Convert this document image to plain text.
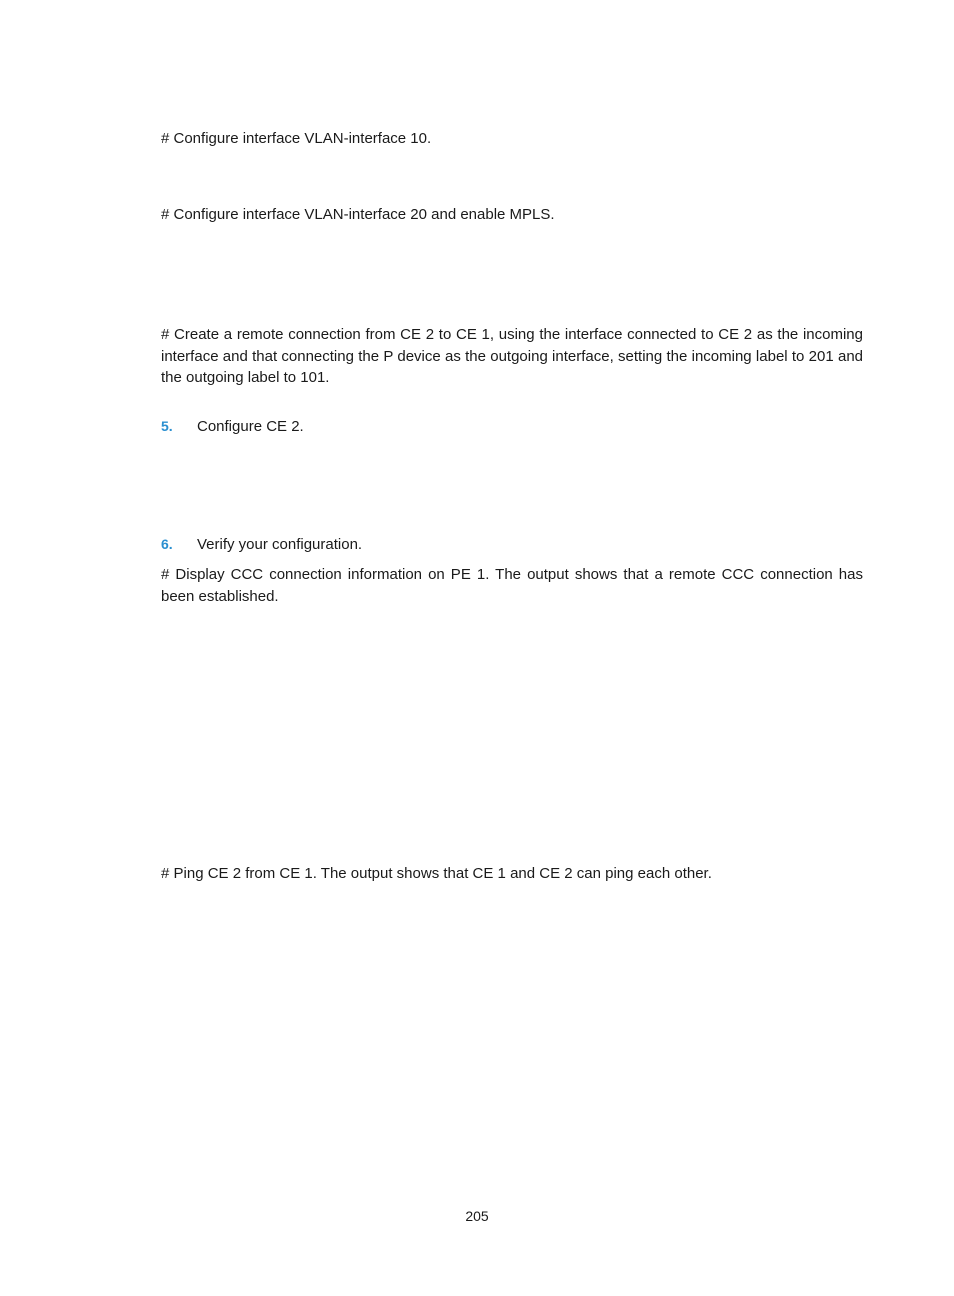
# Configure interface VLAN-interface 10.

# Configure interface VLAN-interface 20 and enable MPLS.

# Create a remote connection from CE 2 to CE 1, using the interface connected to CE 2 as the incoming interface and that connecting the P device as the outgoing interface, setting the incoming label to 201 and the outgoing label to 101.

5. Configure CE 2.
6. Verify your configuration.

# Display CCC connection information on PE 1. The output shows that a remote CCC connection has been established.

# Ping CE 2 from CE 1. The output shows that CE 1 and CE 2 can ping each other.

205
